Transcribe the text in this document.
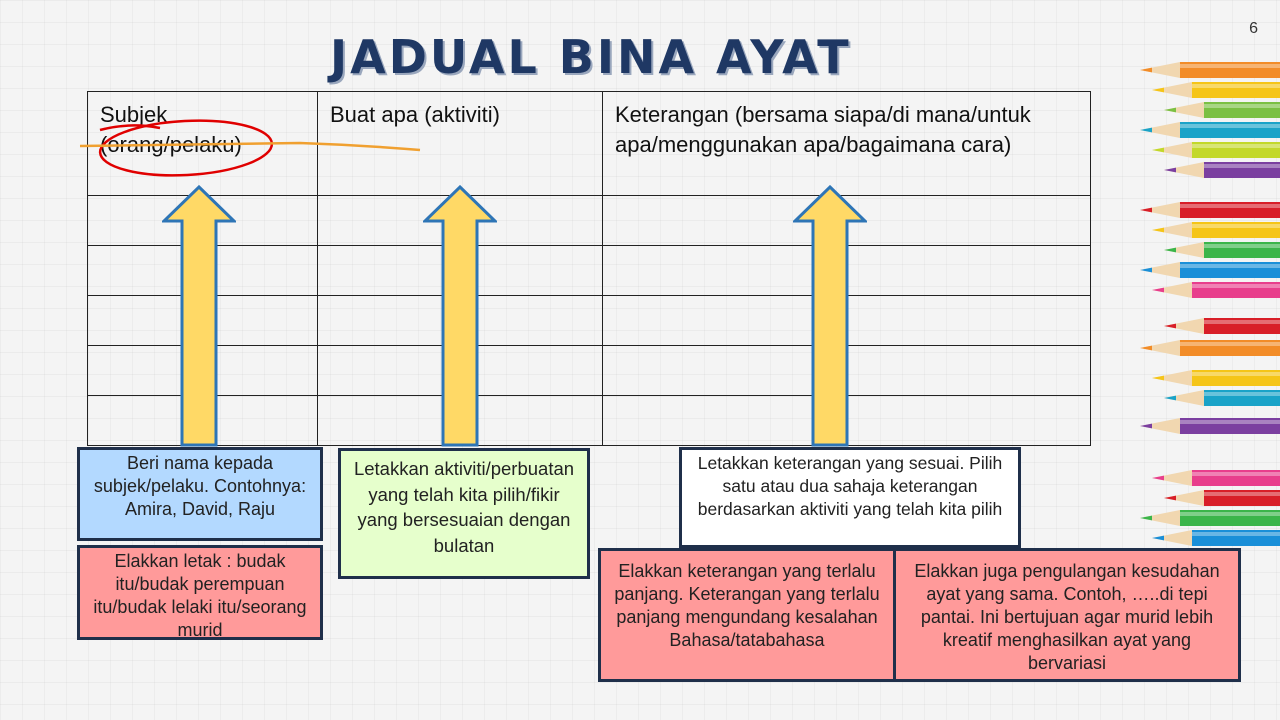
6
JADUAL BINA AYAT
Subjek
(orang/pelaku)	Buat apa (aktiviti)	Keterangan (bersama siapa/di mana/untuk apa/menggunakan apa/bagaimana cara)

Beri nama kepada subjek/pelaku. Contohnya: Amira, David, Raju
Elakkan letak : budak itu/budak perempuan itu/budak lelaki itu/seorang murid
Letakkan aktiviti/perbuatan yang telah kita pilih/fikir yang bersesuaian dengan bulatan
Letakkan keterangan yang sesuai. Pilih satu atau dua sahaja keterangan berdasarkan aktiviti yang telah kita pilih
Elakkan keterangan yang terlalu panjang. Keterangan yang terlalu panjang mengundang kesalahan Bahasa/tatabahasa
Elakkan juga pengulangan kesudahan ayat yang sama. Contoh, …..di tepi pantai. Ini bertujuan agar murid lebih kreatif menghasilkan ayat yang bervariasi
